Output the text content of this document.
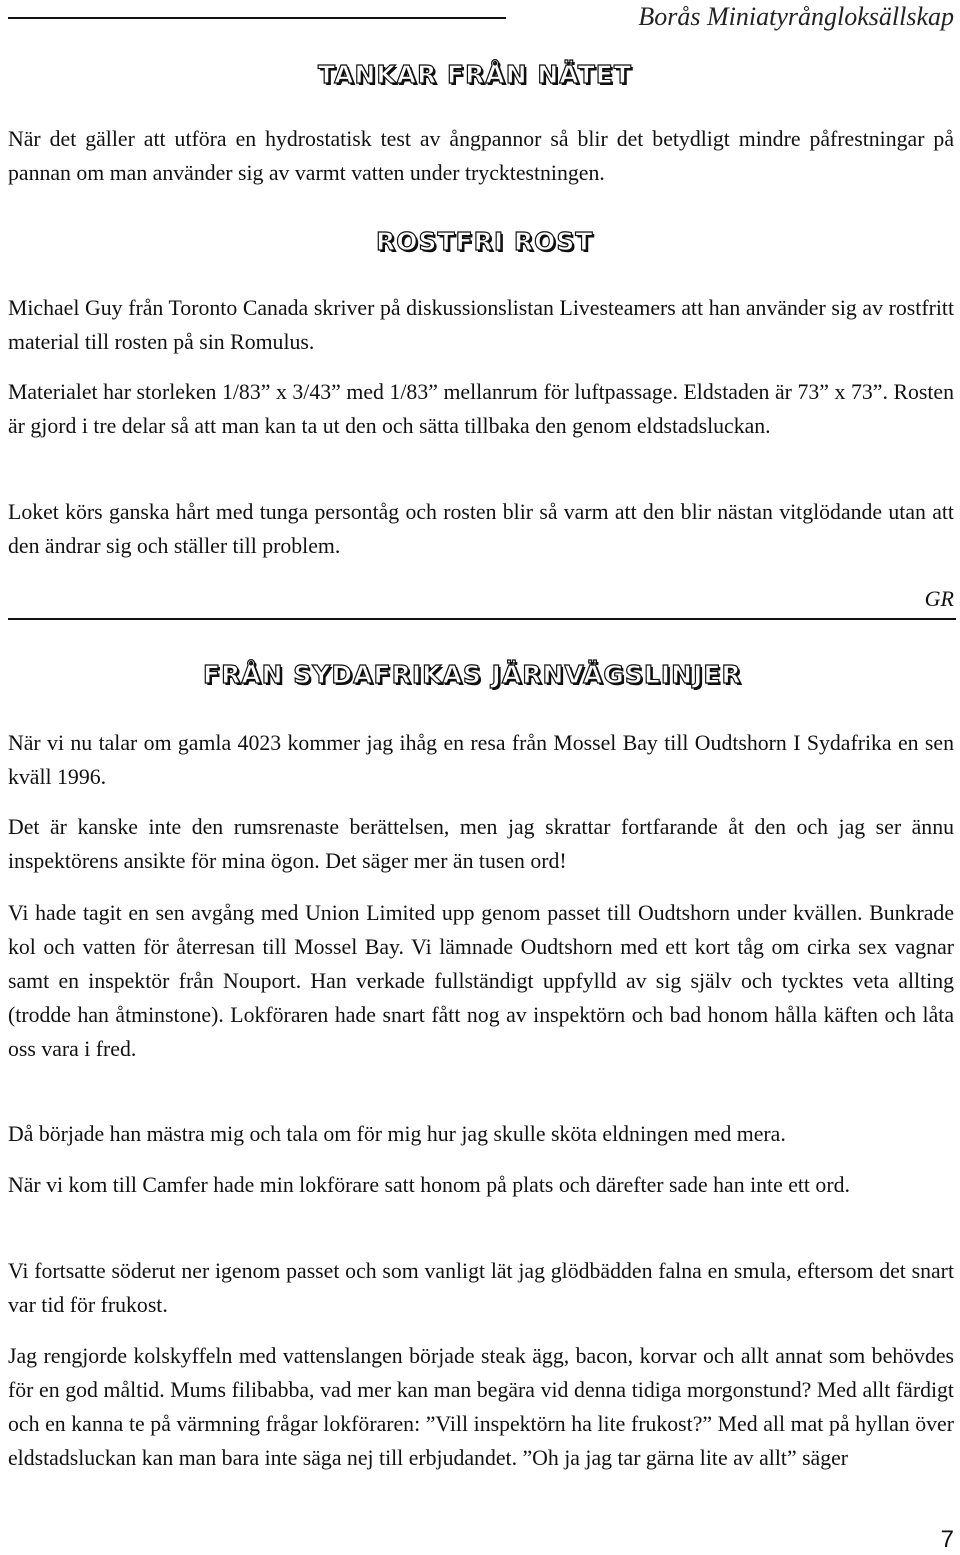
Borås Miniatyrångloksällskap
TANKAR FRÅN NÄTET

När det gäller att utföra en hydrostatisk test av ångpannor så blir det betydligt mindre påfrestningar på pannan om man använder sig av varmt vatten under trycktestningen.

ROSTFRI ROST

Michael Guy från Toronto Canada skriver på diskussionslistan Livesteamers att han använder sig av rostfritt material till rosten på sin Romulus.

Materialet har storleken 1/83” x 3/43” med 1/83” mellanrum för luftpassage. Eldstaden är 73” x 73”. Rosten är gjord i tre delar så att man kan ta ut den och sätta tillbaka den genom eldstadsluckan.

Loket körs ganska hårt med tunga persontåg och rosten blir så varm att den blir nästan vitglödande utan att den ändrar sig och ställer till problem.

GR
FRÅN SYDAFRIKAS JÄRNVÄGSLINJER

När vi nu talar om gamla 4023 kommer jag ihåg en resa från Mossel Bay till Oudtshorn I Sydafrika en sen kväll 1996.

Det är kanske inte den rumsrenaste berättelsen, men jag skrattar fortfarande åt den och jag ser ännu inspektörens ansikte för mina ögon. Det säger mer än tusen ord!

Vi hade tagit en sen avgång med Union Limited upp genom passet till Oudtshorn under kvällen. Bunkrade kol och vatten för återresan till Mossel Bay. Vi lämnade Oudtshorn med ett kort tåg om cirka sex vagnar samt en inspektör från Nouport. Han verkade fullständigt uppfylld av sig själv och tycktes veta allting (trodde han åtminstone). Lokföraren hade snart fått nog av inspektörn och bad honom hålla käften och låta oss vara i fred.

Då började han mästra mig och tala om för mig hur jag skulle sköta eldningen med mera.

När vi kom till Camfer hade min lokförare satt honom på plats och därefter sade han inte ett ord.

Vi fortsatte söderut ner igenom passet och som vanligt lät jag glödbädden falna en smula, eftersom det snart var tid för frukost.

Jag rengjorde kolskyffeln med vattenslangen började steak ägg, bacon, korvar och allt annat som behövdes för en god måltid. Mums filibabba, vad mer kan man begära vid denna tidiga morgonstund? Med allt färdigt och en kanna te på värmning frågar lokföraren: ”Vill inspektörn ha lite frukost?” Med all mat på hyllan över eldstadsluckan kan man bara inte säga nej till erbjudandet. ”Oh ja jag tar gärna lite av allt” säger

7
